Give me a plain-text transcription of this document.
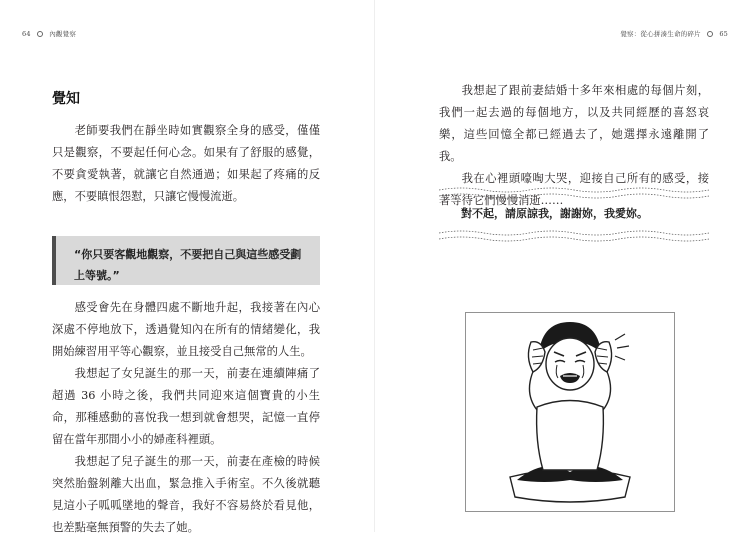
64	內觀覺察
覺知

老師要我們在靜坐時如實觀察全身的感受，僅僅只是觀察，不要起任何心念。如果有了舒服的感覺，不要貪愛執著，就讓它自然通過；如果起了疼痛的反應，不要瞋恨怨懟，只讓它慢慢流逝。

“你只要客觀地觀察，不要把自己與這些感受劃上等號。”

感受會先在身體四處不斷地升起，我接著在內心深處不停地放下，透過覺知內在所有的情緒變化，我開始練習用平等心觀察，並且接受自己無常的人生。

我想起了女兒誕生的那一天，前妻在連續陣痛了超過 36 小時之後，我們共同迎來這個寶貴的小生命，那種感動的喜悅我一想到就會想哭，記憶一直停留在當年那間小小的婦產科裡頭。

我想起了兒子誕生的那一天，前妻在產檢的時候突然胎盤剝離大出血，緊急推入手術室。不久後就聽見這小子呱呱墜地的聲音，我好不容易終於看見他，也差點毫無預警的失去了她。

覺察：從心拼湊生命的碎片	65

我想起了跟前妻結婚十多年來相處的每個片刻，我們一起去過的每個地方，以及共同經歷的喜怒哀樂，這些回憶全都已經過去了，她選擇永遠離開了我。

我在心裡頭嚎啕大哭，迎接自己所有的感受，接著等待它們慢慢消逝……

對不起，請原諒我，謝謝妳，我愛妳。
